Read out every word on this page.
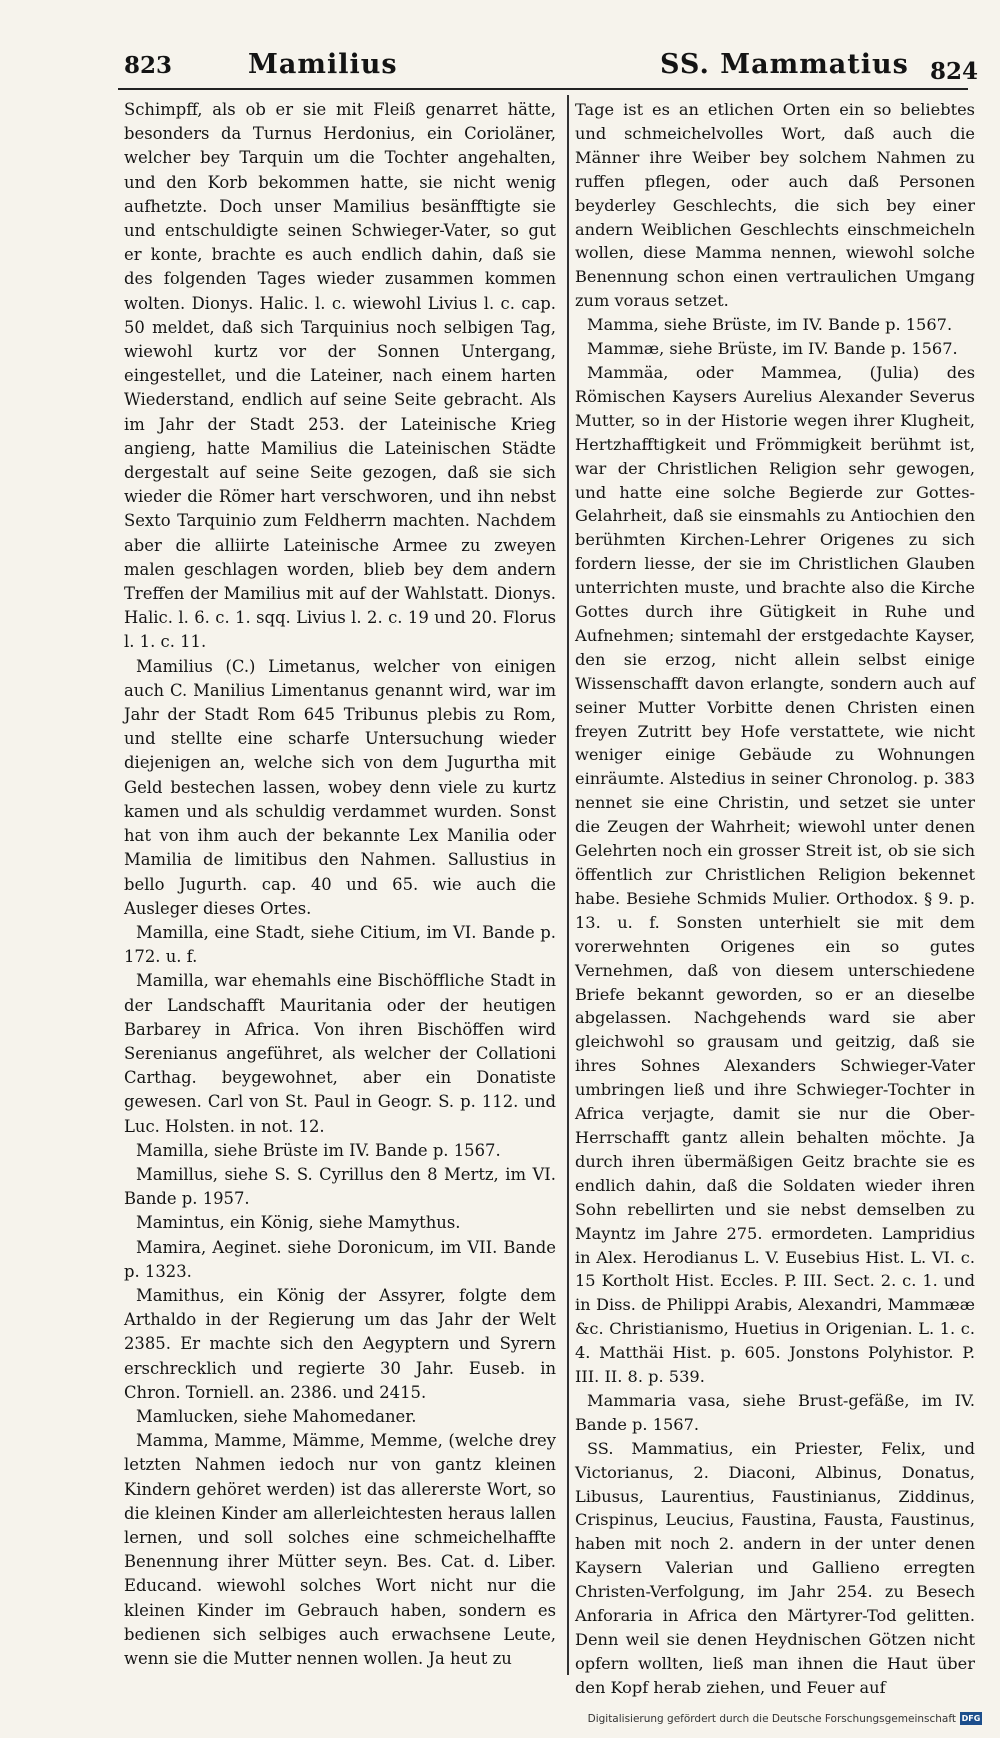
823	Mamilius	SS. Mammatius 824

Schimpff, als ob er sie mit Fleiß genarret hätte, besonders da Turnus Herdonius, ein Corioläner, welcher bey Tarquin um die Tochter angehalten, und den Korb bekommen hatte, sie nicht wenig aufhetzte. Doch unser Mamilius besänfftigte sie und entschuldigte seinen Schwieger-Vater, so gut er konte, brachte es auch endlich dahin, daß sie des folgenden Tages wieder zusammen kommen wolten. Dionys. Halic. l. c. wiewohl Livius l. c. cap. 50 meldet, daß sich Tarquinius noch selbigen Tag, wiewohl kurtz vor der Sonnen Untergang, eingestellet, und die Lateiner, nach einem harten Wiederstand, endlich auf seine Seite gebracht. Als im Jahr der Stadt 253. der Lateinische Krieg angieng, hatte Mamilius die Lateinischen Städte dergestalt auf seine Seite gezogen, daß sie sich wieder die Römer hart verschworen, und ihn nebst Sexto Tarquinio zum Feldherrn machten. Nachdem aber die alliirte Lateinische Armee zu zweyen malen geschlagen worden, blieb bey dem andern Treffen der Mamilius mit auf der Wahlstatt. Dionys. Halic. l. 6. c. 1. sqq. Livius l. 2. c. 19 und 20. Florus l. 1. c. 11.

Mamilius (C.) Limetanus, welcher von einigen auch C. Manilius Limentanus genannt wird, war im Jahr der Stadt Rom 645 Tribunus plebis zu Rom, und stellte eine scharfe Untersuchung wieder diejenigen an, welche sich von dem Jugurtha mit Geld bestechen lassen, wobey denn viele zu kurtz kamen und als schuldig verdammet wurden. Sonst hat von ihm auch der bekannte Lex Manilia oder Mamilia de limitibus den Nahmen. Sallustius in bello Jugurth. cap. 40 und 65. wie auch die Ausleger dieses Ortes.

Mamilla, eine Stadt, siehe Citium, im VI. Bande p. 172. u. f.

Mamilla, war ehemahls eine Bischöffliche Stadt in der Landschafft Mauritania oder der heutigen Barbarey in Africa. Von ihren Bischöffen wird Serenianus angeführet, als welcher der Collationi Carthag. beygewohnet, aber ein Donatiste gewesen. Carl von St. Paul in Geogr. S. p. 112. und Luc. Holsten. in not. 12.

Mamilla, siehe Brüste im IV. Bande p. 1567.

Mamillus, siehe S. S. Cyrillus den 8 Mertz, im VI. Bande p. 1957.

Mamintus, ein König, siehe Mamythus.

Mamira, Aeginet. siehe Doronicum, im VII. Bande p. 1323.

Mamithus, ein König der Assyrer, folgte dem Arthaldo in der Regierung um das Jahr der Welt 2385. Er machte sich den Aegyptern und Syrern erschrecklich und regierte 30 Jahr. Euseb. in Chron. Torniell. an. 2386. und 2415.

Mamlucken, siehe Mahomedaner.

Mamma, Mamme, Mämme, Memme, (welche drey letzten Nahmen iedoch nur von gantz kleinen Kindern gehöret werden) ist das allererste Wort, so die kleinen Kinder am allerleichtesten heraus lallen lernen, und soll solches eine schmeichelhaffte Benennung ihrer Mütter seyn. Bes. Cat. d. Liber. Educand. wiewohl solches Wort nicht nur die kleinen Kinder im Gebrauch haben, sondern es bedienen sich selbiges auch erwachsene Leute, wenn sie die Mutter nennen wollen. Ja heut zu

Tage ist es an etlichen Orten ein so beliebtes und schmeichelvolles Wort, daß auch die Männer ihre Weiber bey solchem Nahmen zu ruffen pflegen, oder auch daß Personen beyderley Geschlechts, die sich bey einer andern Weiblichen Geschlechts einschmeicheln wollen, diese Mamma nennen, wiewohl solche Benennung schon einen vertraulichen Umgang zum voraus setzet.

Mamma, siehe Brüste, im IV. Bande p. 1567.

Mammæ, siehe Brüste, im IV. Bande p. 1567.

Mammäa, oder Mammea, (Julia) des Römischen Kaysers Aurelius Alexander Severus Mutter, so in der Historie wegen ihrer Klugheit, Hertzhafftigkeit und Frömmigkeit berühmt ist, war der Christlichen Religion sehr gewogen, und hatte eine solche Begierde zur Gottes-Gelahrheit, daß sie einsmahls zu Antiochien den berühmten Kirchen-Lehrer Origenes zu sich fordern liesse, der sie im Christlichen Glauben unterrichten muste, und brachte also die Kirche Gottes durch ihre Gütigkeit in Ruhe und Aufnehmen; sintemahl der erstgedachte Kayser, den sie erzog, nicht allein selbst einige Wissenschafft davon erlangte, sondern auch auf seiner Mutter Vorbitte denen Christen einen freyen Zutritt bey Hofe verstattete, wie nicht weniger einige Gebäude zu Wohnungen einräumte. Alstedius in seiner Chronolog. p. 383 nennet sie eine Christin, und setzet sie unter die Zeugen der Wahrheit; wiewohl unter denen Gelehrten noch ein grosser Streit ist, ob sie sich öffentlich zur Christlichen Religion bekennet habe. Besiehe Schmids Mulier. Orthodox. § 9. p. 13. u. f. Sonsten unterhielt sie mit dem vorerwehnten Origenes ein so gutes Vernehmen, daß von diesem unterschiedene Briefe bekannt geworden, so er an dieselbe abgelassen. Nachgehends ward sie aber gleichwohl so grausam und geitzig, daß sie ihres Sohnes Alexanders Schwieger-Vater umbringen ließ und ihre Schwieger-Tochter in Africa verjagte, damit sie nur die Ober-Herrschafft gantz allein behalten möchte. Ja durch ihren übermäßigen Geitz brachte sie es endlich dahin, daß die Soldaten wieder ihren Sohn rebellirten und sie nebst demselben zu Mayntz im Jahre 275. ermordeten. Lampridius in Alex. Herodianus L. V. Eusebius Hist. L. VI. c. 15 Kortholt Hist. Eccles. P. III. Sect. 2. c. 1. und in Diss. de Philippi Arabis, Alexandri, Mammææ &c. Christianismo, Huetius in Origenian. L. 1. c. 4. Matthäi Hist. p. 605. Jonstons Polyhistor. P. III. II. 8. p. 539.

Mammaria vasa, siehe Brust-gefäße, im IV. Bande p. 1567.

SS. Mammatius, ein Priester, Felix, und Victorianus, 2. Diaconi, Albinus, Donatus, Libusus, Laurentius, Faustinianus, Ziddinus, Crispinus, Leucius, Faustina, Fausta, Faustinus, haben mit noch 2. andern in der unter denen Kaysern Valerian und Gallieno erregten Christen-Verfolgung, im Jahr 254. zu Besech Anforaria in Africa den Märtyrer-Tod gelitten. Denn weil sie denen Heydnischen Götzen nicht opfern wollten, ließ man ihnen die Haut über den Kopf herab ziehen, und Feuer auf

Digitalisierung gefördert durch die Deutsche Forschungsgemeinschaft DFG
